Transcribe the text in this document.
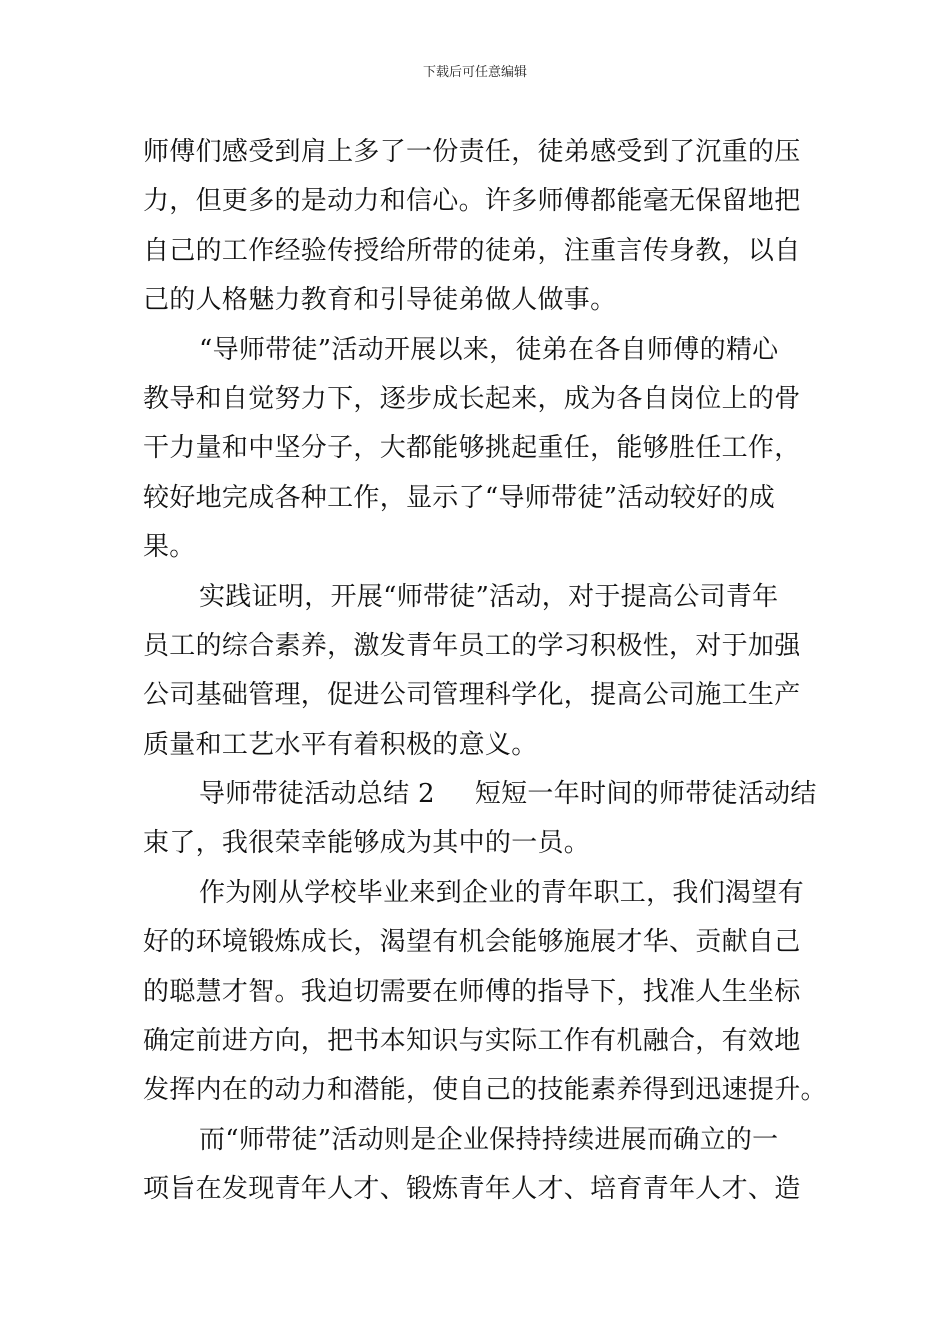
下载后可任意编辑
师傅们感受到肩上多了一份责任，徒弟感受到了沉重的压
力，但更多的是动力和信心。许多师傅都能毫无保留地把
自己的工作经验传授给所带的徒弟，注重言传身教，以自
己的人格魅力教育和引导徒弟做人做事。
“导师带徒”活动开展以来，徒弟在各自师傅的精心
教导和自觉努力下，逐步成长起来，成为各自岗位上的骨
干力量和中坚分子，大都能够挑起重任，能够胜任工作，
较好地完成各种工作，显示了“导师带徒”活动较好的成
果。
实践证明，开展“师带徒”活动，对于提高公司青年
员工的综合素养，激发青年员工的学习积极性，对于加强
公司基础管理，促进公司管理科学化，提高公司施工生产
质量和工艺水平有着积极的意义。
导师带徒活动总结 2 短短一年时间的师带徒活动结
束了，我很荣幸能够成为其中的一员。
作为刚从学校毕业来到企业的青年职工，我们渴望有
好的环境锻炼成长，渴望有机会能够施展才华、贡献自己
的聪慧才智。我迫切需要在师傅的指导下，找准人生坐标
确定前进方向，把书本知识与实际工作有机融合，有效地
发挥内在的动力和潜能，使自己的技能素养得到迅速提升。
而“师带徒”活动则是企业保持持续进展而确立的一
项旨在发现青年人才、锻炼青年人才、培育青年人才、造
